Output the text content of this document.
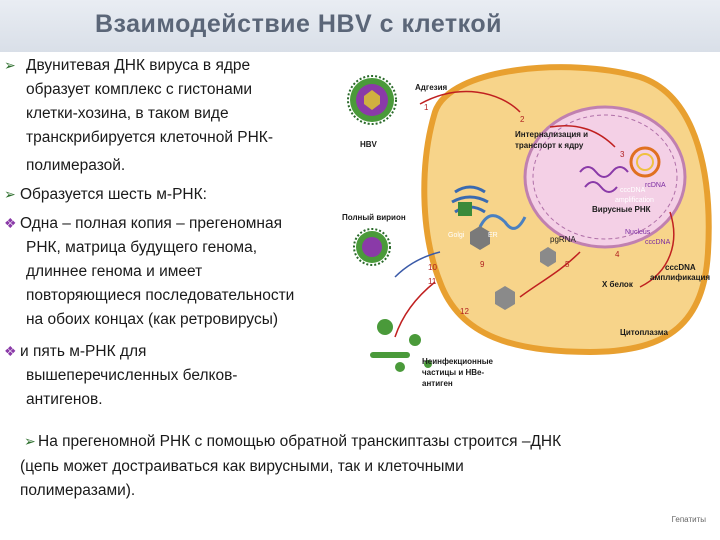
Взаимодействие HBV с клеткой
➢ Двунитевая ДНК вируса в ядре
образует комплекс с гистонами
клетки-хозина, в таком виде
транскрибируется клеточной РНК-
полимеразой.
➢ Образуется шесть м-РНК:
❖ Одна – полная копия – прегеномная
РНК, матрица будущего генома,
длиннее генома и имеет
повторяющиеся последовательности
на обоих концах (как ретровирусы)
❖ и пять м-РНК для
вышеперечисленных белков-
антигенов.
HBV
Адгезия
Интернализация и
транспорт к ядру
cccDNA
amplification
rcDNA
Вирусные РНК
Nucleus
cccDNA
Полный вирион
Golgi	ER	pgRNA
cccDNA
амплификация
X белок
Цитоплазма
Неинфекционные
частицы и HBe-
антиген
1
2
3
4
5
9
10
11
12
➢ На прегеномной РНК с помощью обратной транскиптазы строится –ДНК
(цепь может достраиваться как вирусными, так и клеточными
полимеразами).
Гепатиты
